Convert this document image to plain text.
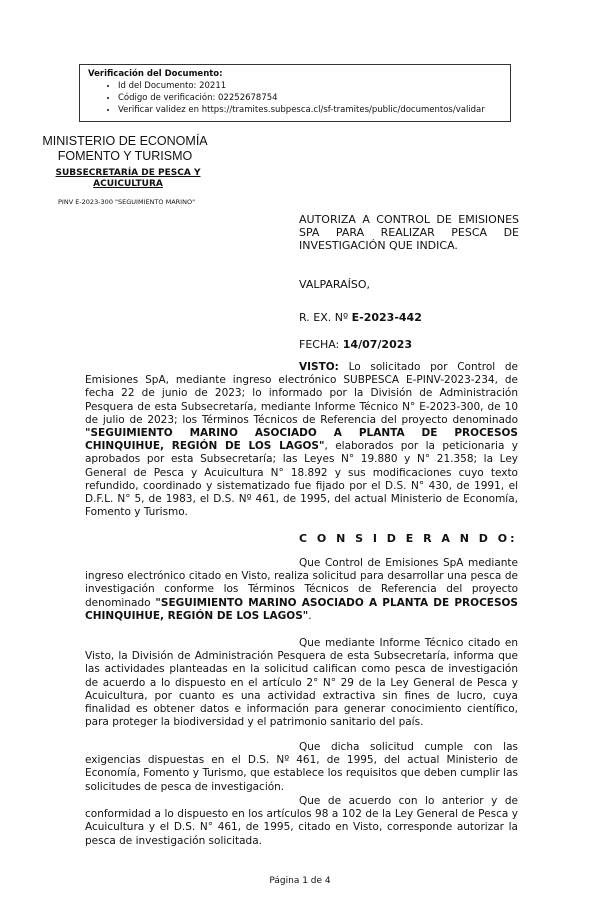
Verificación del Documento:
• Id del Documento: 20211
• Código de verificación: 02252678754
• Verificar validez en https://tramites.subpesca.cl/sf-tramites/public/documentos/validar
MINISTERIO DE ECONOMÍA
FOMENTO Y TURISMO
SUBSECRETARÍA DE PESCA Y ACUICULTURA
PINV E-2023-300 "SEGUIMIENTO MARINO"
AUTORIZA A CONTROL DE EMISIONES SPA PARA REALIZAR PESCA DE INVESTIGACIÓN QUE INDICA.
VALPARAÍSO,
R. EX. Nº E-2023-442
FECHA: 14/07/2023

VISTO: Lo solicitado por Control de Emisiones SpA, mediante ingreso electrónico SUBPESCA E-PINV-2023-234, de fecha 22 de junio de 2023; lo informado por la División de Administración Pesquera de esta Subsecretaría, mediante Informe Técnico N° E-2023-300, de 10 de julio de 2023; los Términos Técnicos de Referencia del proyecto denominado "SEGUIMIENTO MARINO ASOCIADO A PLANTA DE PROCESOS CHINQUIHUE, REGIÓN DE LOS LAGOS", elaborados por la peticionaria y aprobados por esta Subsecretaría; las Leyes N° 19.880 y N° 21.358; la Ley General de Pesca y Acuicultura N° 18.892 y sus modificaciones cuyo texto refundido, coordinado y sistematizado fue fijado por el D.S. N° 430, de 1991, el D.F.L. N° 5, de 1983, el D.S. Nº 461, de 1995, del actual Ministerio de Economía, Fomento y Turismo.

C O N S I D E R A N D O:

Que Control de Emisiones SpA mediante ingreso electrónico citado en Visto, realiza solicitud para desarrollar una pesca de investigación conforme los Términos Técnicos de Referencia del proyecto denominado "SEGUIMIENTO MARINO ASOCIADO A PLANTA DE PROCESOS CHINQUIHUE, REGIÓN DE LOS LAGOS".

Que mediante Informe Técnico citado en Visto, la División de Administración Pesquera de esta Subsecretaría, informa que las actividades planteadas en la solicitud califican como pesca de investigación de acuerdo a lo dispuesto en el artículo 2° N° 29 de la Ley General de Pesca y Acuicultura, por cuanto es una actividad extractiva sin fines de lucro, cuya finalidad es obtener datos e información para generar conocimiento científico, para proteger la biodiversidad y el patrimonio sanitario del país.

Que dicha solicitud cumple con las exigencias dispuestas en el D.S. Nº 461, de 1995, del actual Ministerio de Economía, Fomento y Turismo, que establece los requisitos que deben cumplir las solicitudes de pesca de investigación.

Que de acuerdo con lo anterior y de conformidad a lo dispuesto en los artículos 98 a 102 de la Ley General de Pesca y Acuicultura y el D.S. N° 461, de 1995, citado en Visto, corresponde autorizar la pesca de investigación solicitada.

Página 1 de 4
